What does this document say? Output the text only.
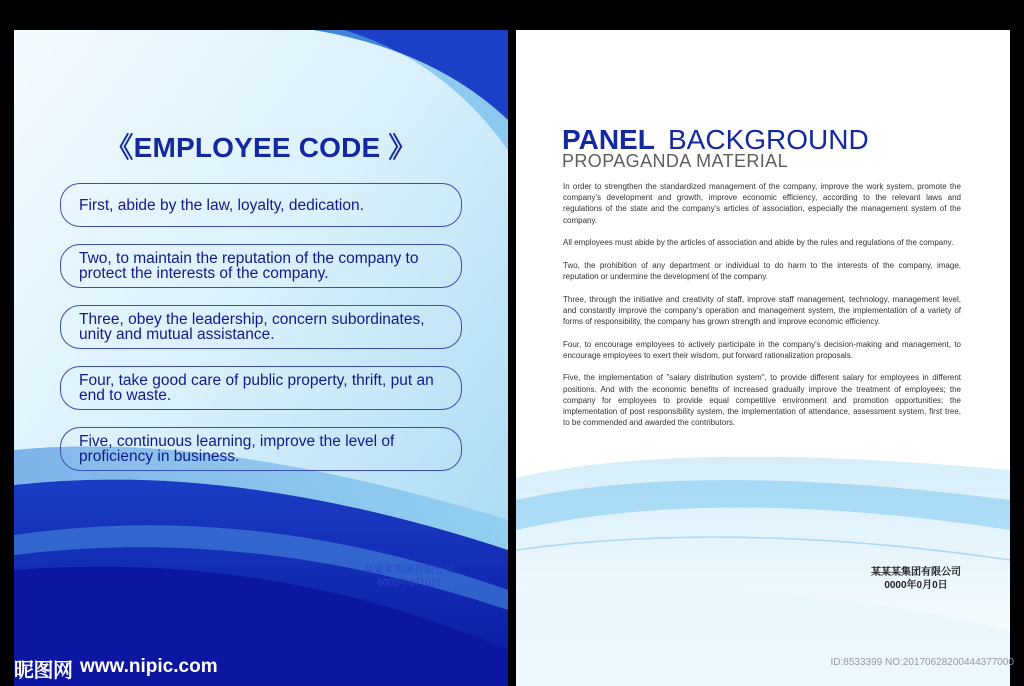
《EMPLOYEE CODE 》
First, abide by the law, loyalty, dedication.
Two, to maintain the reputation of the company to protect the interests of the company.
Three, obey the leadership, concern subordinates, unity and mutual assistance.
Four, take good care of public property, thrift, put an end to waste.
Five, continuous learning, improve the level of proficiency in business.
某某某集团有限公司
0000年0月0日
PANEL BACKGROUND
PROPAGANDA MATERIAL

In order to strengthen the standardized management of the company, improve the work system, promote the company's development and growth, improve economic efficiency, according to the relevant laws and regulations of the state and the company's articles of association, especially the management system of the company.

All employees must abide by the articles of association and abide by the rules and regulations of the company.

Two, the prohibition of any department or individual to do harm to the interests of the company, image, reputation or undermine the development of the company.

Three, through the initiative and creativity of staff, improve staff management, technology, management level, and constantly improve the company's operation and management system, the implementation of a variety of forms of responsibility, the company has grown strength and improve economic efficiency.

Four, to encourage employees to actively participate in the company's decision-making and management, to encourage employees to exert their wisdom, put forward rationalization proposals.

Five, the implementation of "salary distribution system", to provide different salary for employees in different positions. And with the economic benefits of increased gradually improve the treatment of employees; the company for employees to provide equal competitive environment and promotion opportunities; the implementation of post responsibility system, the implementation of attendance, assessment system, first tree, to be commended and awarded the contributors.

某某某集团有限公司
0000年0月0日
昵图网 www.nipic.com	ID:8533399 NO:20170628200444377000
